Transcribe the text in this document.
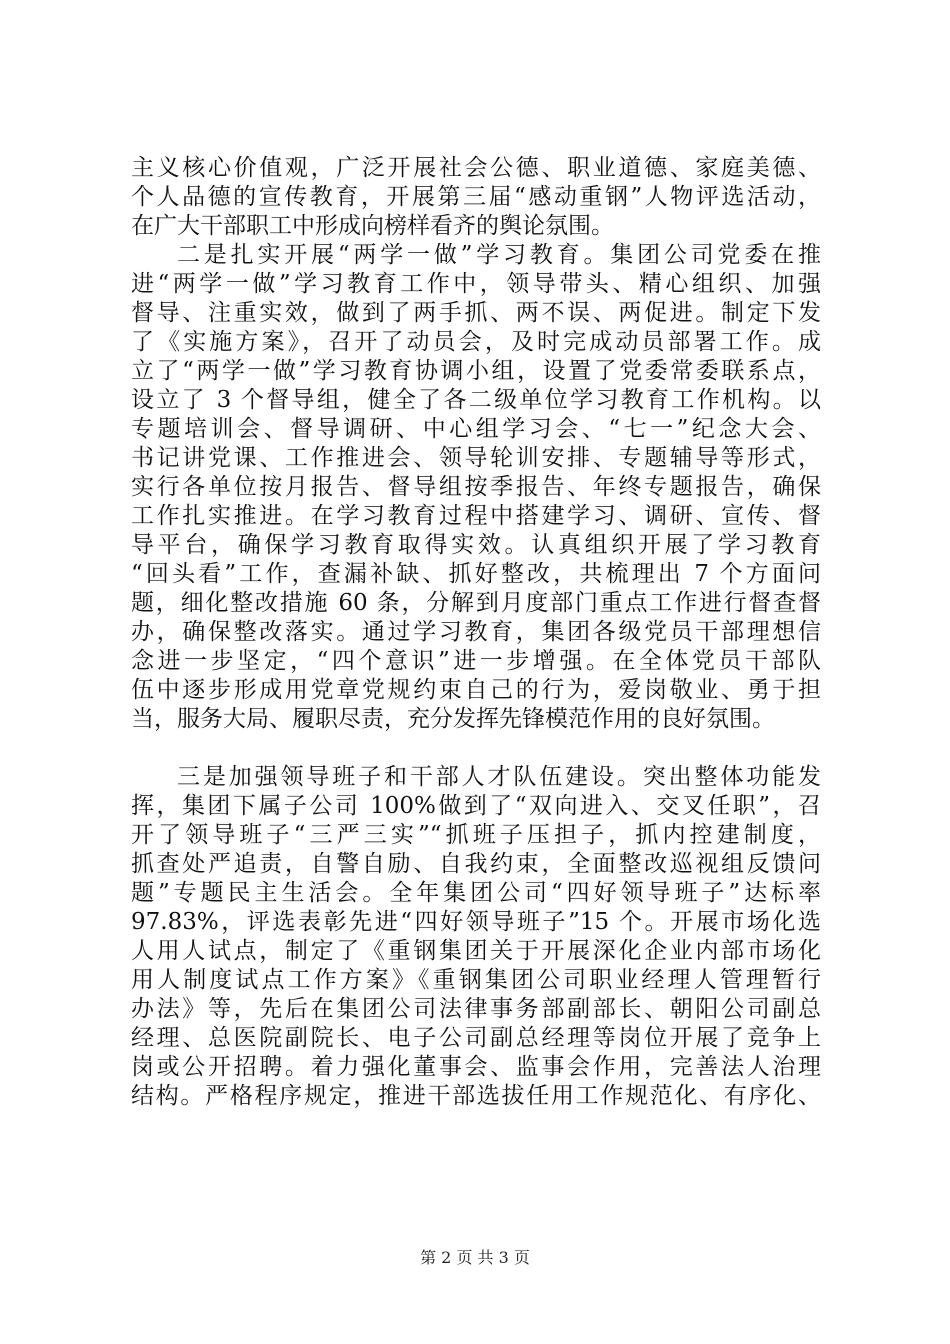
主义核心价值观，广泛开展社会公德、职业道德、家庭美德、
个人品德的宣传教育，开展第三届“感动重钢”人物评选活动，
在广大干部职工中形成向榜样看齐的舆论氛围。
二是扎实开展“两学一做”学习教育。集团公司党委在推
进“两学一做”学习教育工作中，领导带头、精心组织、加强
督导、注重实效，做到了两手抓、两不误、两促进。制定下发
了《实施方案》，召开了动员会，及时完成动员部署工作。成
立了“两学一做”学习教育协调小组，设置了党委常委联系点，
设立了 3 个督导组，健全了各二级单位学习教育工作机构。以
专题培训会、督导调研、中心组学习会、“七一”纪念大会、
书记讲党课、工作推进会、领导轮训安排、专题辅导等形式，
实行各单位按月报告、督导组按季报告、年终专题报告，确保
工作扎实推进。在学习教育过程中搭建学习、调研、宣传、督
导平台，确保学习教育取得实效。认真组织开展了学习教育
“回头看”工作，查漏补缺、抓好整改，共梳理出 7 个方面问
题，细化整改措施 60 条，分解到月度部门重点工作进行督查督
办，确保整改落实。通过学习教育，集团各级党员干部理想信
念进一步坚定，“四个意识”进一步增强。在全体党员干部队
伍中逐步形成用党章党规约束自己的行为，爱岗敬业、勇于担
当，服务大局、履职尽责，充分发挥先锋模范作用的良好氛围。
三是加强领导班子和干部人才队伍建设。突出整体功能发
挥，集团下属子公司 100%做到了“双向进入、交叉任职”，召
开了领导班子“三严三实”“抓班子压担子，抓内控建制度，
抓查处严追责，自警自励、自我约束，全面整改巡视组反馈问
题”专题民主生活会。全年集团公司“四好领导班子”达标率
97.83%，评选表彰先进“四好领导班子”15 个。开展市场化选
人用人试点，制定了《重钢集团关于开展深化企业内部市场化
用人制度试点工作方案》《重钢集团公司职业经理人管理暂行
办法》等，先后在集团公司法律事务部副部长、朝阳公司副总
经理、总医院副院长、电子公司副总经理等岗位开展了竞争上
岗或公开招聘。着力强化董事会、监事会作用，完善法人治理
结构。严格程序规定，推进干部选拔任用工作规范化、有序化、
第 2 页 共 3 页
